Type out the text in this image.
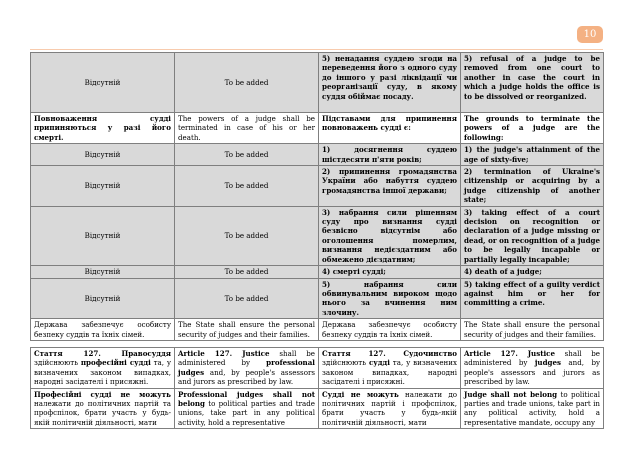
10
Відсутній	To be added	5) ненадання суддею згоди на переведення його з одного суду до іншого у разі ліквідації чи реорганізації суду, в якому суддя обіймає посаду.	5) refusal of a judge to be removed from one court to another in case the court in which a judge holds the office is to be dissolved or reorganized.
Повноваження судді припиняються у разі його смерті.	The powers of a judge shall be terminated in case of his or her death.	Підставами для припинення повноважень судді є:	The grounds to terminate the powers of a judge are the following:
Відсутній	To be added	1) досягнення суддею шістдесяти п'яти років;	1) the judge's attainment of the age of sixty-five;
Відсутній	To be added	2) припинення громадянства України або набуття суддею громадянства іншої держави;	2) termination of Ukraine's citizenship or acquiring by a judge citizenship of another state;
Відсутній	To be added	3) набрання сили рішенням суду про визнання судді безвісно відсутнім або оголошення померлим, визнання недієздатним або обмежено дієздатним;	3) taking effect of a court decision on recognition or declaration of a judge missing or dead, or on recognition of a judge to be legally incapable or partially legally incapable;
Відсутній	To be added	4) смерті судді;	4) death of a judge;
Відсутній	To be added	5) набрання сили обвинувальним вироком щодо нього за вчинення ним злочину.	5) taking effect of a guilty verdict against him or her for committing a crime.
Держава забезпечує особисту безпеку суддів та їхніх сімей.	The State shall ensure the personal security of judges and their families.	Держава забезпечує особисту безпеку суддів та їхніх сімей.	The State shall ensure the personal security of judges and their families.

Стаття 127. Правосуддя здійснюють професійні судді та, у визначених законом випадках, народні засідателі і присяжні.	Article 127. Justice shall be administered by professional judges and, by people's assessors and jurors as prescribed by law.	Стаття 127. Судочинство здійснюють судді та, у визначених законом випадках, народні засідателі і присяжні.	Article 127. Justice shall be administered by judges and, by people's assessors and jurors as prescribed by law.
Професійні судді не можуть належати до політичних партій та профспілок, брати участь у будь-якій політичній діяльності, мати	Professional judges shall not belong to political parties and trade unions, take part in any political activity, hold a representative	Судді не можуть належати до політичних партій і профспілок, брати участь у будь-якій політичній діяльності, мати	Judge shall not belong to political parties and trade unions, take part in any political activity, hold a representative mandate, occupy any
